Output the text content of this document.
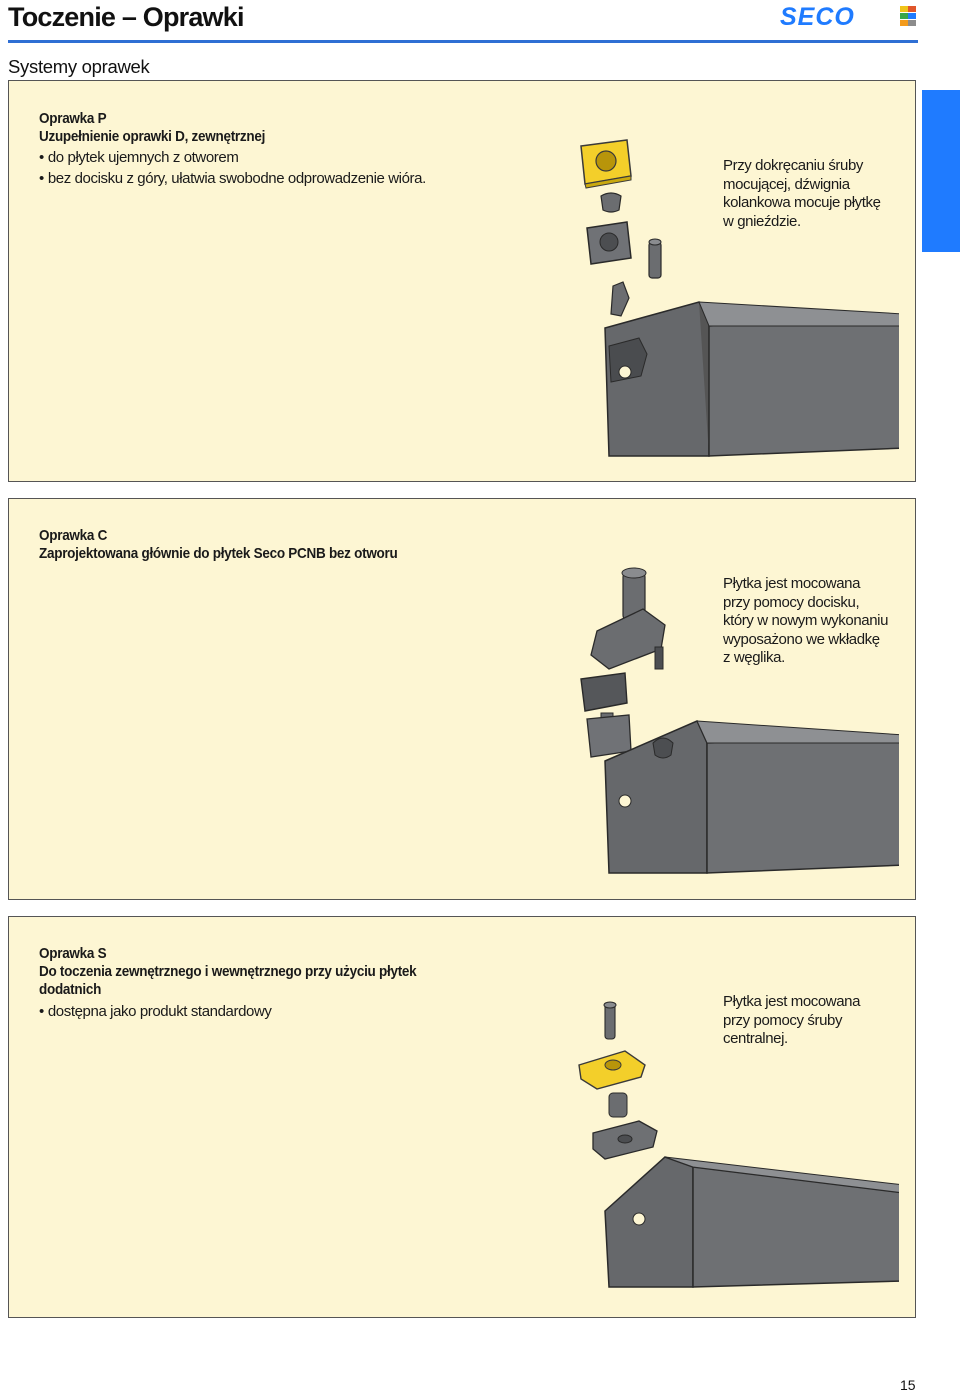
Toczenie – Oprawki	SECO
Systemy oprawek
Oprawka P
Uzupełnienie oprawki D, zewnętrznej
• do płytek ujemnych z otworem
• bez docisku z góry, ułatwia swobodne odprowadzenie wióra.
Przy dokręcaniu śruby
mocującej, dźwignia
kolankowa mocuje płytkę
w gnieździe.
Oprawka C
Zaprojektowana głównie do płytek Seco PCNB bez otworu
Płytka jest mocowana
przy pomocy docisku,
który w nowym wykonaniu
wyposażono we wkładkę
z węglika.
Oprawka S
Do toczenia zewnętrznego i wewnętrznego przy użyciu płytek
dodatnich
• dostępna jako produkt standardowy
Płytka jest mocowana
przy pomocy śruby
centralnej.
15
